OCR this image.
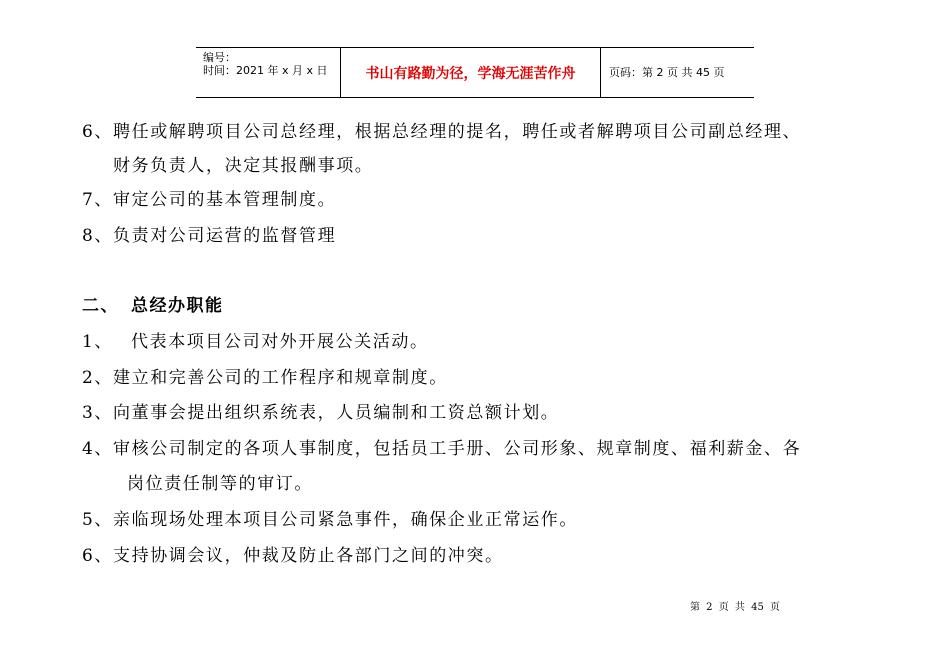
编号：
时间：2021 年 x 月 x 日	书山有路勤为径，学海无涯苦作舟	页码：第 2 页 共 45 页
6、聘任或解聘项目公司总经理，根据总经理的提名，聘任或者解聘项目公司副总经理、
财务负责人，决定其报酬事项。
7、审定公司的基本管理制度。
8、负责对公司运营的监督管理
二、 总经办职能
1、 代表本项目公司对外开展公关活动。
2、建立和完善公司的工作程序和规章制度。
3、向董事会提出组织系统表，人员编制和工资总额计划。
4、审核公司制定的各项人事制度，包括员工手册、公司形象、规章制度、福利薪金、各
岗位责任制等的审订。
5、亲临现场处理本项目公司紧急事件，确保企业正常运作。
6、支持协调会议，仲裁及防止各部门之间的冲突。
第 2 页 共 45 页
